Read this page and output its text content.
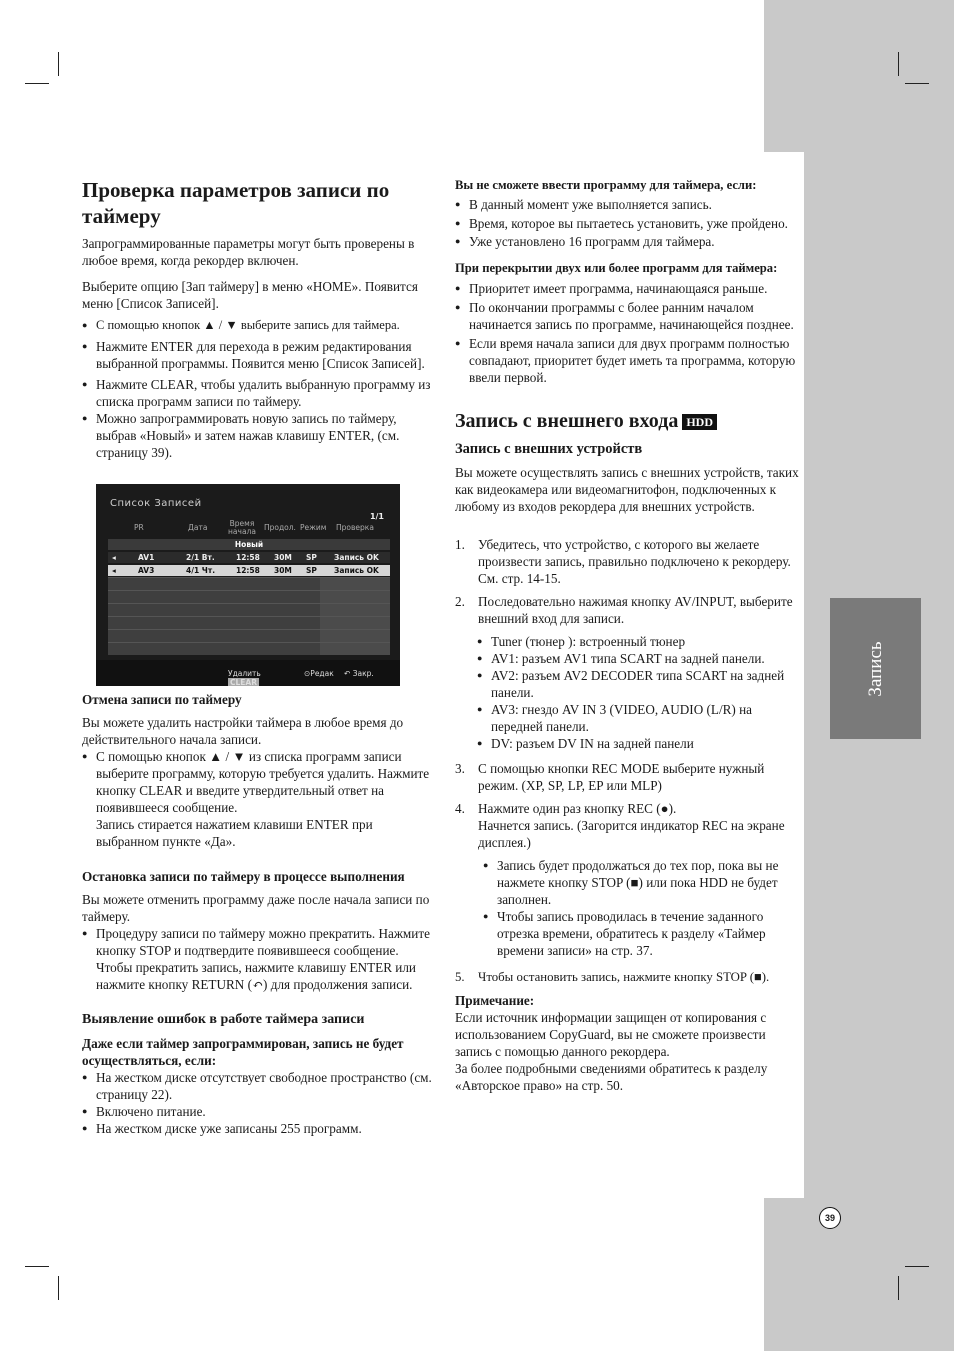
Запись
Проверка параметров записи по таймеру

Запрограммированные параметры могут быть проверены в любое время, когда рекордер включен.

Выберите опцию [Зап таймеру] в меню «HOME». Появится меню [Список Записей].

● С помощью кнопок ▲ / ▼ выберите запись для таймера.
● Нажмите ENTER для перехода в режим редактирования выбранной программы. Появится меню [Список Записей].
● Нажмите CLEAR, чтобы удалить выбранную программу из списка программ записи по таймеру.
● Можно запрограммировать новую запись по таймеру, выбрав «Новый» и затем нажав клавишу ENTER, (см. страницу 39).
Список Записей
1/1
PR	Дата	Время начала	Продол. Режим Проверка
Новый
◂	AV1	2/1 Вт.	12:58 30M SP Запись OK
◂	AV3	4/1 Чт.	12:58 30M SP Запись OK
CLEAR
Удалить	⊙Редак ↶ Закр.
Отмена записи по таймеру

Вы можете удалить настройки таймера в любое время до действительного начала записи.

● С помощью кнопок ▲ / ▼ из списка программ записи выберите программу, которую требуется удалить. Нажмите кнопку CLEAR и введите утвердительный ответ на появившееся сообщение.

Запись стирается нажатием клавиши ENTER при выбранном пункте «Да».

Остановка записи по таймеру в процессе выполнения

Вы можете отменить программу даже после начала записи по таймеру.

● Процедуру записи по таймеру можно прекратить. Нажмите кнопку STOP и подтвердите появившееся сообщение.

Чтобы прекратить запись, нажмите клавишу ENTER или нажмите кнопку RETURN (↶) для продолжения записи.

Выявление ошибок в работе таймера записи

Даже если таймер запрограммирован, запись не будет осуществляться, если:

● На жестком диске отсутствует свободное пространство (см. страницу 22).
● Включено питание.
● На жестком диске уже записаны 255 программ.

Вы не сможете ввести программу для таймера, если:

● В данный момент уже выполняется запись.
● Время, которое вы пытаетесь установить, уже пройдено.
● Уже установлено 16 программ для таймера.

При перекрытии двух или более программ для таймера:

● Приоритет имеет программа, начинающаяся раньше.
● По окончании программы с более ранним началом начинается запись по программе, начинающейся позднее.
● Если время начала записи для двух программ полностью совпадают, приоритет будет иметь та программа, которую ввели первой.
Запись с внешнего входа HDD
Запись с внешних устройств

Вы можете осуществлять запись с внешних устройств, таких как видеокамера или видеомагнитофон, подключенных к любому из входов рекордера для внешних устройств.

1. Убедитесь, что устройство, с которого вы желаете произвести запись, правильно подключено к рекордеру. См. стр. 14-15.
2. Последовательно нажимая кнопку AV/INPUT, выберите внешний вход для записи.
● Tuner (тюнер ): встроенный тюнер
● AV1: разъем AV1 типа SCART на задней панели.
● AV2: разъем AV2 DECODER типа SCART на задней панели.
● AV3: гнездо AV IN 3 (VIDEO, AUDIO (L/R) на передней панели.
● DV: разъем DV IN на задней панели
3. С помощью кнопки REC MODE выберите нужный режим. (XP, SP, LP, EP или MLP)
4. Нажмите один раз кнопку REC (●).
Начнется запись. (Загорится индикатор REC на экране дисплея.)
● Запись будет продолжаться до тех пор, пока вы не нажмете кнопку STOP (■) или пока HDD не будет заполнен.
● Чтобы запись проводилась в течение заданного отрезка времени, обратитесь к разделу «Таймер времени записи» на стр. 37.
5. Чтобы остановить запись, нажмите кнопку STOP (■).

Примечание:

Если источник информации защищен от копирования с использованием CopyGuard, вы не сможете произвести запись с помощью данного рекордера.

За более подробными сведениями обратитесь к разделу «Авторское право» на стр. 50.

39
